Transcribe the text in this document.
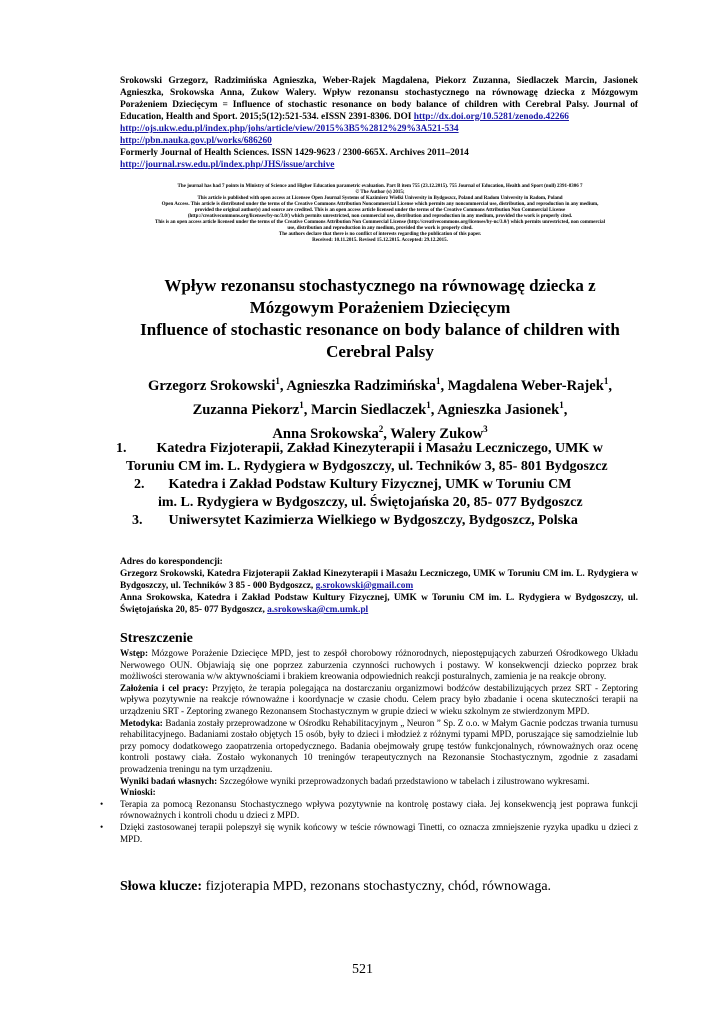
Srokowski Grzegorz, Radzimińska Agnieszka, Weber-Rajek Magdalena, Piekorz Zuzanna, Siedlaczek Marcin, Jasionek Agnieszka, Srokowska Anna, Zukow Walery. Wpływ rezonansu stochastycznego na równowagę dziecka z Mózgowym Porażeniem Dziecięcym = Influence of stochastic resonance on body balance of children with Cerebral Palsy. Journal of Education, Health and Sport. 2015;5(12):521-534. eISSN 2391-8306. DOI http://dx.doi.org/10.5281/zenodo.42266
http://ojs.ukw.edu.pl/index.php/johs/article/view/2015%3B5%2812%29%3A521-534
http://pbn.nauka.gov.pl/works/686260
Formerly Journal of Health Sciences. ISSN 1429-9623 / 2300-665X. Archives 2011–2014
http://journal.rsw.edu.pl/index.php/JHS/issue/archive
The journal has had 7 points in Ministry of Science and Higher Education parametric evaluation. Part B item 755 (23.12.2015). 755 Journal of Education, Health and Sport (null) 2391-8306 7
© The Author (s) 2015;
This article is published with open access at Licensee Open Journal Systems of Kazimierz Wielki University in Bydgoszcz, Poland and Radom University in Radom, Poland
Open Access. This article is distributed under the terms of the Creative Commons Attribution Noncommercial License which permits any noncommercial use, distribution, and reproduction in any medium,
provided the original author(s) and source are credited. This is an open access article licensed under the terms of the Creative Commons Attribution Non Commercial License
(http://creativecommons.org/licenses/by-nc/3.0/) which permits unrestricted, non commercial use, distribution and reproduction in any medium, provided the work is properly cited.
This is an open access article licensed under the terms of the Creative Commons Attribution Non Commercial License (http://creativecommons.org/licenses/by-nc/3.0/) which permits unrestricted, non commercial
use, distribution and reproduction in any medium, provided the work is properly cited.
The authors declare that there is no conflict of interests regarding the publication of this paper.
Received: 10.11.2015. Revised 15.12.2015. Accepted: 29.12.2015.
Wpływ rezonansu stochastycznego na równowagę dziecka z
Mózgowym Porażeniem Dziecięcym
Influence of stochastic resonance on body balance of children with
Cerebral Palsy
Grzegorz Srokowski$^1$, Agnieszka Radzimińska$^1$, Magdalena Weber-Rajek$^1$,
Zuzanna Piekorz$^1$, Marcin Siedlaczek$^1$, Agnieszka Jasionek$^1$,
Anna Srokowska$^2$, Walery Zukow$^3$
1. Katedra Fizjoterapii, Zakład Kinezyterapii i Masażu Leczniczego, UMK w
Toruniu CM im. L. Rydygiera w Bydgoszczy, ul. Techników 3, 85- 801 Bydgoszcz
2. Katedra i Zakład Podstaw Kultury Fizycznej, UMK w Toruniu CM
im. L. Rydygiera w Bydgoszczy, ul. Świętojańska 20, 85- 077 Bydgoszcz
3. Uniwersytet Kazimierza Wielkiego w Bydgoszczy, Bydgoszcz, Polska
Adres do korespondencji:
Grzegorz Srokowski, Katedra Fizjoterapii Zakład Kinezyterapii i Masażu Leczniczego, UMK w Toruniu CM im. L. Rydygiera w Bydgoszczy, ul. Techników 3 85 - 000 Bydgoszcz, g.srokowski@gmail.com
Anna Srokowska, Katedra i Zakład Podstaw Kultury Fizycznej, UMK w Toruniu CM im. L. Rydygiera w Bydgoszczy, ul. Świętojańska 20, 85- 077 Bydgoszcz, a.srokowska@cm.umk.pl
Streszczenie

Wstęp: Mózgowe Porażenie Dziecięce MPD, jest to zespół chorobowy różnorodnych, niepostępujących zaburzeń Ośrodkowego Układu Nerwowego OUN. Objawiają się one poprzez zaburzenia czynności ruchowych i postawy. W konsekwencji dziecko poprzez brak możliwości sterowania w/w aktywnościami i brakiem kreowania odpowiednich reakcji posturalnych, zamienia je na reakcje obrony.

Założenia i cel pracy: Przyjęto, że terapia polegająca na dostarczaniu organizmowi bodźców destabilizujących przez SRT - Zeptoring wpływa pozytywnie na reakcje równoważne i koordynacje w czasie chodu. Celem pracy było zbadanie i ocena skuteczności terapii na urządzeniu SRT - Zeptoring zwanego Rezonansem Stochastycznym w grupie dzieci w wieku szkolnym ze stwierdzonym MPD.

Metodyka: Badania zostały przeprowadzone w Ośrodku Rehabilitacyjnym „ Neuron ” Sp. Z o.o. w Małym Gacnie podczas trwania turnusu rehabilitacyjnego. Badaniami zostało objętych 15 osób, były to dzieci i młodzież z różnymi typami MPD, poruszające się samodzielnie lub przy pomocy dodatkowego zaopatrzenia ortopedycznego. Badania obejmowały grupę testów funkcjonalnych, równoważnych oraz ocenę kontroli postawy ciała. Zostało wykonanych 10 treningów terapeutycznych na Rezonansie Stochastycznym, zgodnie z zasadami prowadzenia treningu na tym urządzeniu.

Wyniki badań własnych: Szczegółowe wyniki przeprowadzonych badań przedstawiono w tabelach i zilustrowano wykresami.

Wnioski:

• Terapia za pomocą Rezonansu Stochastycznego wpływa pozytywnie na kontrolę postawy ciała. Jej konsekwencją jest poprawa funkcji równoważnych i kontroli chodu u dzieci z MPD.
• Dzięki zastosowanej terapii polepszył się wynik końcowy w teście równowagi Tinetti, co oznacza zmniejszenie ryzyka upadku u dzieci z MPD.
Słowa klucze: fizjoterapia MPD, rezonans stochastyczny, chód, równowaga.
521
